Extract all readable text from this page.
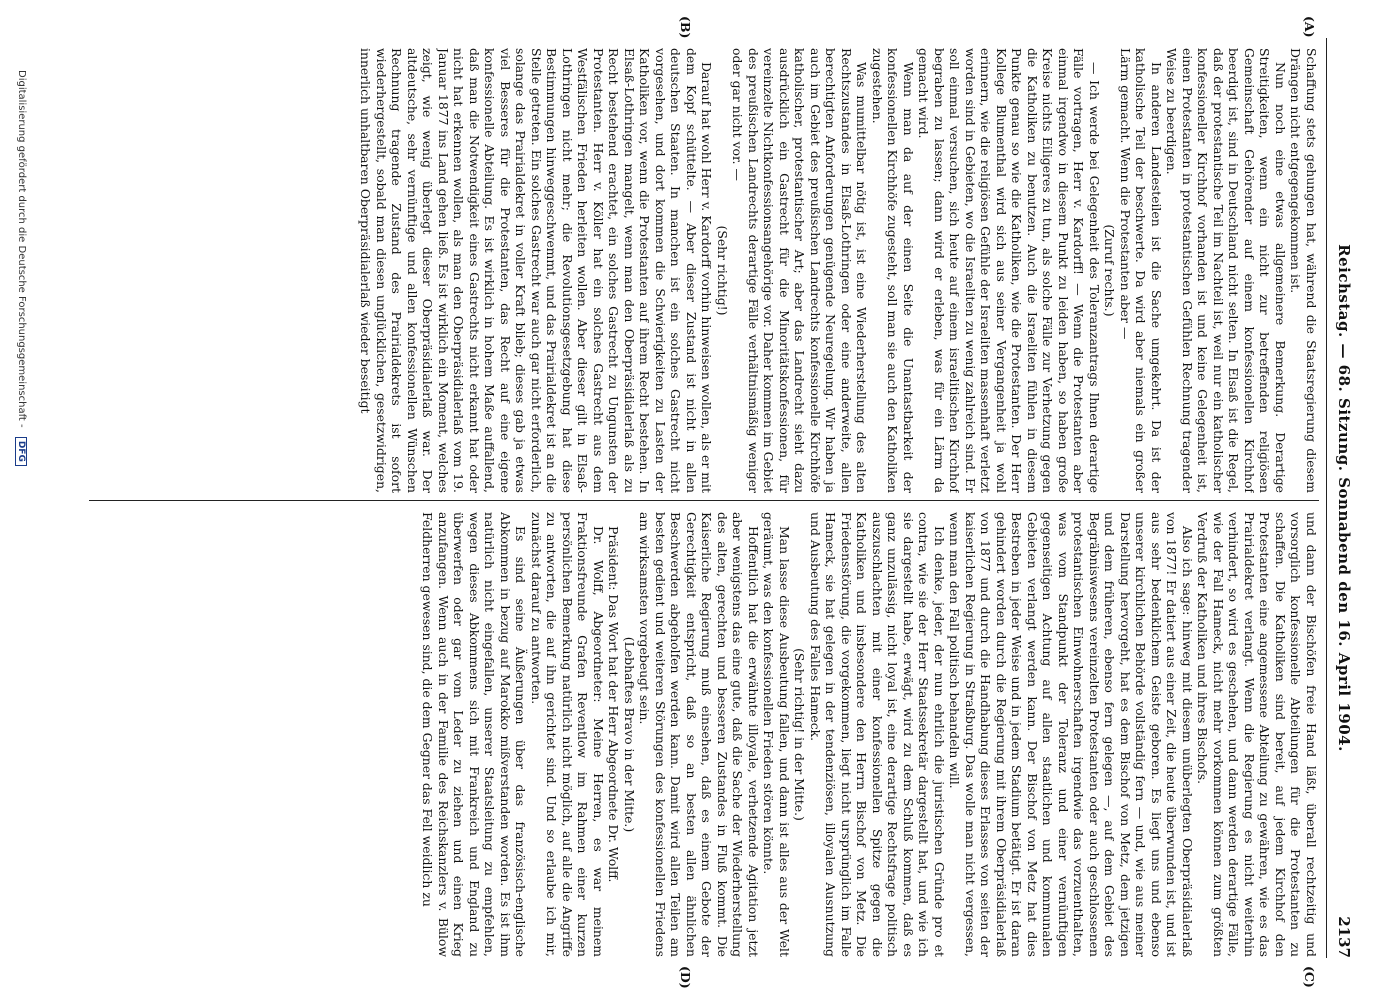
Reichstag. — 68. Sitzung. Sonnabend den 16. April 1904.
2137
(A)
(B)
(C)
(D)

Schaffung stets gehungen hat, während die Staatsregierung diesem Drängen nicht entgegengekommen ist.

Nun noch eine etwas allgemeinere Bemerkung. Derartige Streitigkeiten, wenn ein nicht zur betreffenden religiösen Gemeinschaft Gehörender auf einem konfessionellen Kirchhof beerdigt ist, sind in Deutschland nicht selten. In Elsaß ist die Regel, daß der protestantische Teil im Nachteil ist, weil nur ein katholischer konfessioneller Kirchhof vorhanden ist und keine Gelegenheit ist, einen Protestanten in protestantischen Gefühlen Rechnung tragender Weise zu beerdigen.

In anderen Landesteilen ist die Sache umgekehrt. Da ist der katholische Teil der beschwerte. Da wird aber niemals ein großer Lärm gemacht. Wenn die Protestanten aber —

(Zuruf rechts.)

— Ich werde bei Gelegenheit des Toleranzantrags Ihnen derartige Fälle vortragen, Herr v. Kardorff! — Wenn die Protestanten aber einmal irgendwo in diesem Punkt zu leiden haben, so haben große Kreise nichts Eiligeres zu tun, als solche Fälle zur Verhetzung gegen die Katholiken zu benutzen. Auch die Israeliten fühlen in diesem Punkte genau so wie die Katholiken, wie die Protestanten. Der Herr Kollege Blumenthal wird sich aus seiner Vergangenheit ja wohl erinnern, wie die religiösen Gefühle der Israeliten massenhaft verletzt worden sind in Gebieten, wo die Israeliten zu wenig zahlreich sind. Er soll einmal versuchen, sich heute auf einem israelitischen Kirchhof begraben zu lassen; dann wird er erleben, was für ein Lärm da gemacht wird.

Wenn man da auf der einen Seite die Unantastbarkeit der konfessionellen Kirchhöfe zugesteht, soll man sie auch den Katholiken zugestehen.

Was mumittelbar nötig ist, ist eine Wiederherstellung des alten Rechtszustandes in Elsaß-Lothringen oder eine anderweite, allen berechtigten Anforderungen genügende Neuregelung. Wir haben ja auch im Gebiet des preußischen Landrechts konfessionelle Kirchhöfe katholischer, protestantischer Art; aber das Landrecht sieht dazu ausdrücklich ein Gastrecht für die Minoritätskonfessionen, für vereinzelte Nichtkonfessionsangehörige vor. Daher kommen im Gebiet des preußischen Landrechts derartige Fälle verhältnismäßig weniger oder gar nicht vor. —

(Sehr richtig!)

Darauf hat wohl Herr v. Kardorff vorhin hinweisen wollen, als er mit dem Kopf schüttelte. — Aber dieser Zustand ist nicht in allen deutschen Staaten. In manchen ist ein solches Gastrecht nicht vorgesehen, und dort kommen die Schwierigkeiten zu Lasten der Katholiken vor, wenn die Protestanten auf ihrem Recht bestehen. In Elsaß-Lothringen mangelt, wenn man den Oberpräsidialerlaß als zu Recht bestehend erachtet, ein solches Gastrecht zu Ungunsten der Protestanten. Herr v. Köller hat ein solches Gastrecht aus dem Westfälischen Frieden herleiten wollen. Aber dieser gilt in Elsaß-Lothringen nicht mehr; die Revolutionsgesetzgebung hat diese Bestimmungen hinweggeschwemmt, und das Prairialdekret ist an die Stelle getreten. Ein solches Gastrecht war auch gar nicht erforderlich, solange das Prairialdekret in voller Kraft blieb; dieses gab ja etwas viel Besseres für die Protestanten, das Recht auf eine eigene konfessionelle Abteilung. Es ist wirklich in hohem Maße auffallend, daß man die Notwendigkeit eines Gastrechts nicht erkannt hat oder nicht hat erkennen wollen, als man den Oberpräsidialerlaß vom 19. Januar 1877 ins Land gehen ließ. Es ist wirklich ein Moment, welches zeigt, wie wenig überlegt dieser Oberpräsidialerlaß war. Der altdeutsche, sehr vernünftige und allen konfessionellen Wünschen Rechnung tragende Zustand des Prairialdekrets ist sofort wiederhergestellt, sobald man diesen unglücklichen, gesetzwidrigen, innerlich unhaltbaren Oberpräsidialerlaß wieder beseitigt

und dann der Bischöfen freie Hand läßt, überall rechtzeitig und vorsorglich konfessionelle Abteilungen für die Protestanten zu schaffen. Die Katholiken sind bereit, auf jedem Kirchhof den Protestanten eine angemessene Abteilung zu gewähren, wie es das Prairialdekret verlangt. Wenn die Regierung es nicht weiterhin verhindert, so wird es geschehen, und dann werden derartige Fälle, wie der Fall Hameck, nicht mehr vorkommen können zum größten Verdruß der Katholiken und ihres Bischofs.

Also ich sage: hinweg mit diesem unüberlegten Oberpräsidialerlaß von 1877! Er datiert aus einer Zeit, die heute überwunden ist, und ist aus sehr bedenklichem Geiste geboren. Es liegt uns und ebenso unserer kirchlichen Behörde vollständig fern — und, wie aus meiner Darstellung hervorgeht, hat es dem Bischof von Metz, dem jetzigen und dem früheren, ebenso fern gelegen —, auf dem Gebiet des Begräbniswesens vereinzelten Protestanten oder auch geschlossenen protestantischen Einwohnerschaften irgendwie das vorzuenthalten, was vom Standpunkt der Toleranz und einer vernünftigen gegenseitigen Achtung auf allen staatlichen und kommunalen Gebieten verlangt werden kann. Der Bischof von Metz hat dies Bestreben in jeder Weise und in jedem Stadium betätigt. Er ist daran gehindert worden durch die Regierung mit ihrem Oberpräsidialerlaß von 1877 und durch die Handhabung dieses Erlasses von seiten der kaiserlichen Regierung in Straßburg. Das wolle man nicht vergessen, wenn man den Fall politisch behandeln will.

Ich denke, jeder, der nun ehrlich die juristischen Gründe pro et contra, wie sie der Herr Staatssekretär dargestellt hat, und wie ich sie dargestellt habe, erwägt, wird zu dem Schluß kommen, daß es ganz unzulässig, nicht loyal ist, eine derartige Rechtsfrage politisch auszuschlachten mit einer konfessionellen Spitze gegen die Katholiken und insbesondere den Herrn Bischof von Metz. Die Friedensstörung, die vorgekommen, liegt nicht ursprünglich im Falle Hameck, sie hat gelegen in der tendenziösen, illoyalen Ausnutzung und Ausbeutung des Falles Hameck.

(Sehr richtig! in der Mitte.)

Man lasse diese Ausbeutung fallen, und dann ist alles aus der Welt geräumt, was den konfessionellen Frieden stören könnte.

Hoffentlich hat die erwähnte illoyale, verhetzende Agitation jetzt aber wenigstens das eine gute, daß die Sache der Wiederherstellung des alten, gerechten und besseren Zustandes in Fluß kommt. Die Kaiserliche Regierung muß einsehen, daß es einem Gebote der Gerechtigkeit entspricht, daß so an besten allen ähnlichen Beschwerden abgeholfen werden kann. Damit wird allen Teilen am besten gedient und weiteren Störungen des konfessionellen Friedens am wirksamsten vorgebeugt sein.

(Lebhaftes Bravo in der Mitte.)

Präsident: Das Wort hat der Herr Abgeordnete Dr. Wolff.

Dr. Wolff, Abgeordneter: Meine Herren, es war meinem Fraktionsfreunde Grafen Reventlow im Rahmen einer kurzen persönlichen Bemerkung natürlich nicht möglich, auf alle die Angriffe zu antworten, die auf ihn gerichtet sind. Und so erlaube ich mir, zunächst darauf zu antworten.

Es sind seine Äußerungen über das französisch-englische Abkommen in bezug auf Marokko mißverstanden worden. Es ist ihm natürlich nicht eingefallen, unserer Staatsleitung zu empfehlen, wegen dieses Abkommens sich mit Frankreich und England zu überwerfen oder gar vom Leder zu ziehen und einen Krieg anzufangen. Wenn auch in der Familie des Reichskanzlers v. Bülow Feldherren gewesen sind, die dem Gegner das Fell weidlich zu

Digitalisierung gefördert durch die Deutsche Forschungsgemeinschaft - DFG
